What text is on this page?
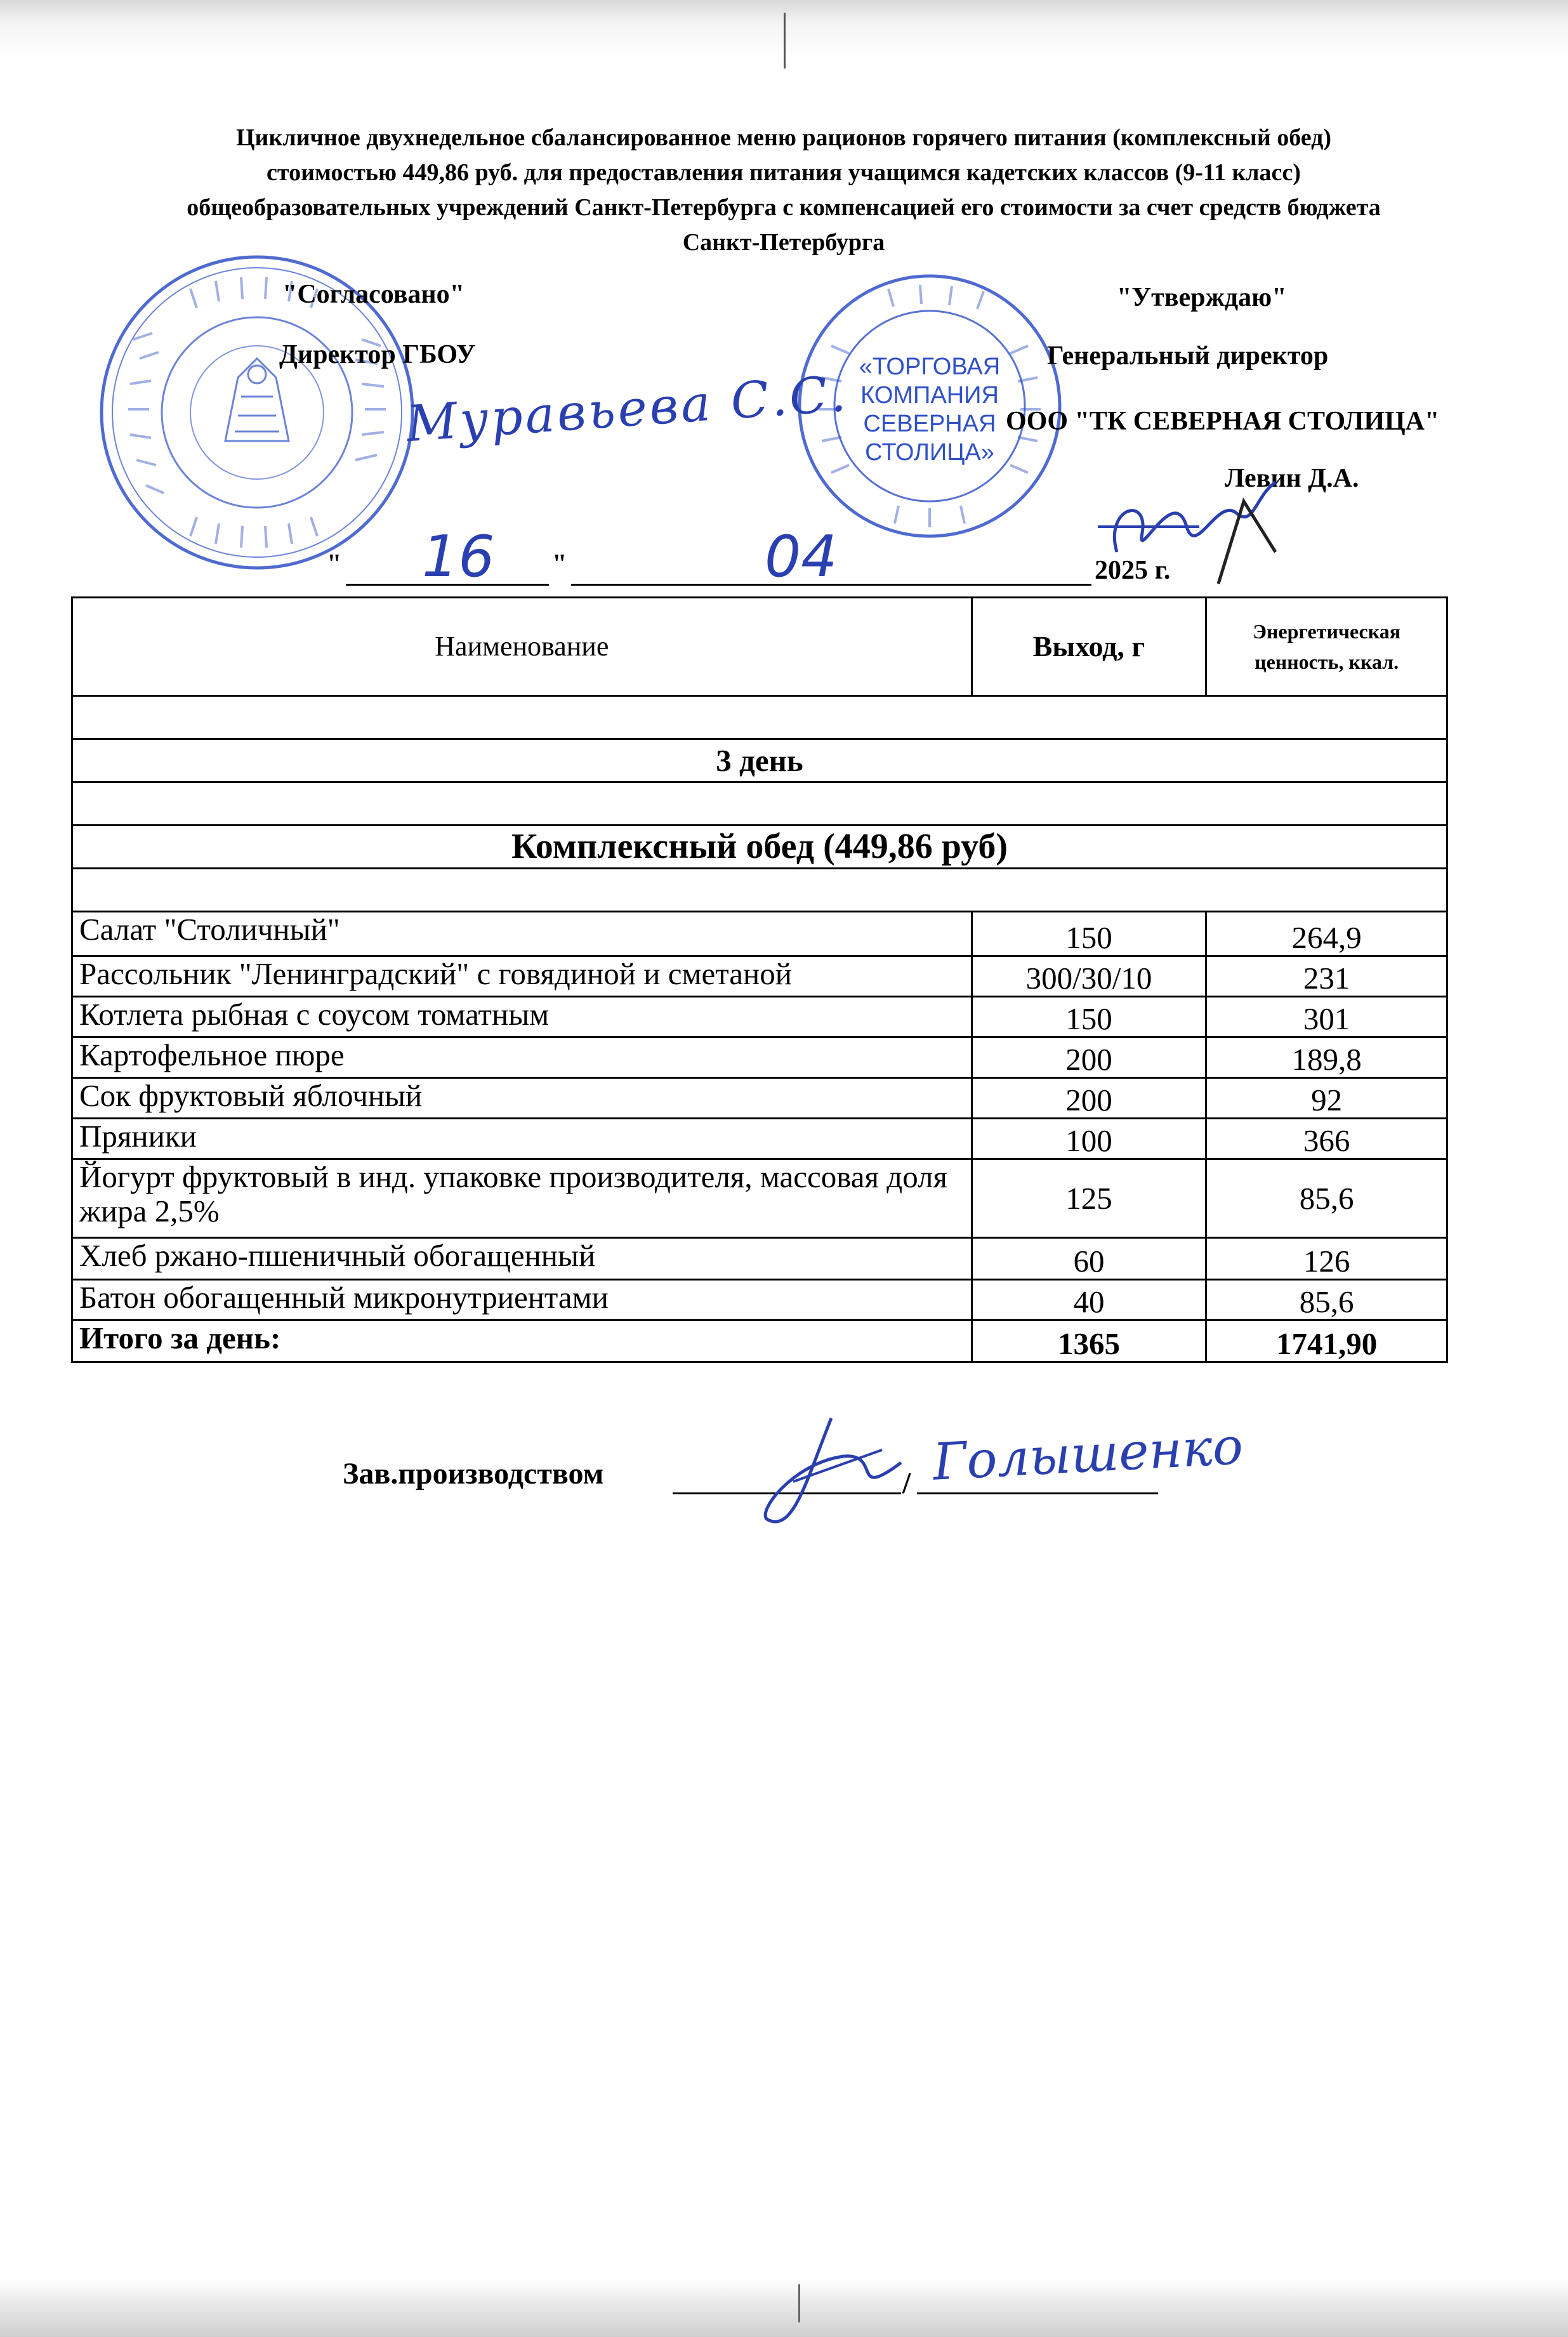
Цикличное двухнедельное сбалансированное меню рационов горячего питания (комплексный обед)
стоимостью 449,86 руб. для предоставления питания учащимся кадетских классов (9-11 класс)
общеобразовательных учреждений Санкт-Петербурга с компенсацией его стоимости за счет средств бюджета
Санкт-Петербурга
«ТОРГОВАЯ
КОМПАНИЯ
СЕВЕРНАЯ
СТОЛИЦА»
"Согласовано"
Директор ГБОУ
"Утверждаю"
Генеральный директор
ООО "ТК СЕВЕРНАЯ СТОЛИЦА"
Левин Д.А.
Муравьева С.С.
" 16 "	04	2025 г.
Наименование	Выход, г	Энергетическая
ценность, ккал.

3 день		

Комплексный обед (449,86 руб)		

Салат "Столичный"	150	264,9
Рассольник "Ленинградский" с говядиной и сметаной	300/30/10	231
Котлета рыбная с соусом томатным	150	301
Картофельное пюре	200	189,8
Сок фруктовый яблочный	200	92
Пряники	100	366
Йогурт фруктовый в инд. упаковке производителя, массовая доля жира 2,5%	125	85,6
Хлеб ржано-пшеничный обогащенный	60	126
Батон обогащенный микронутриентами	40	85,6
Итого за день:	1365	1741,90
Зав.производством	/ Голышенко
